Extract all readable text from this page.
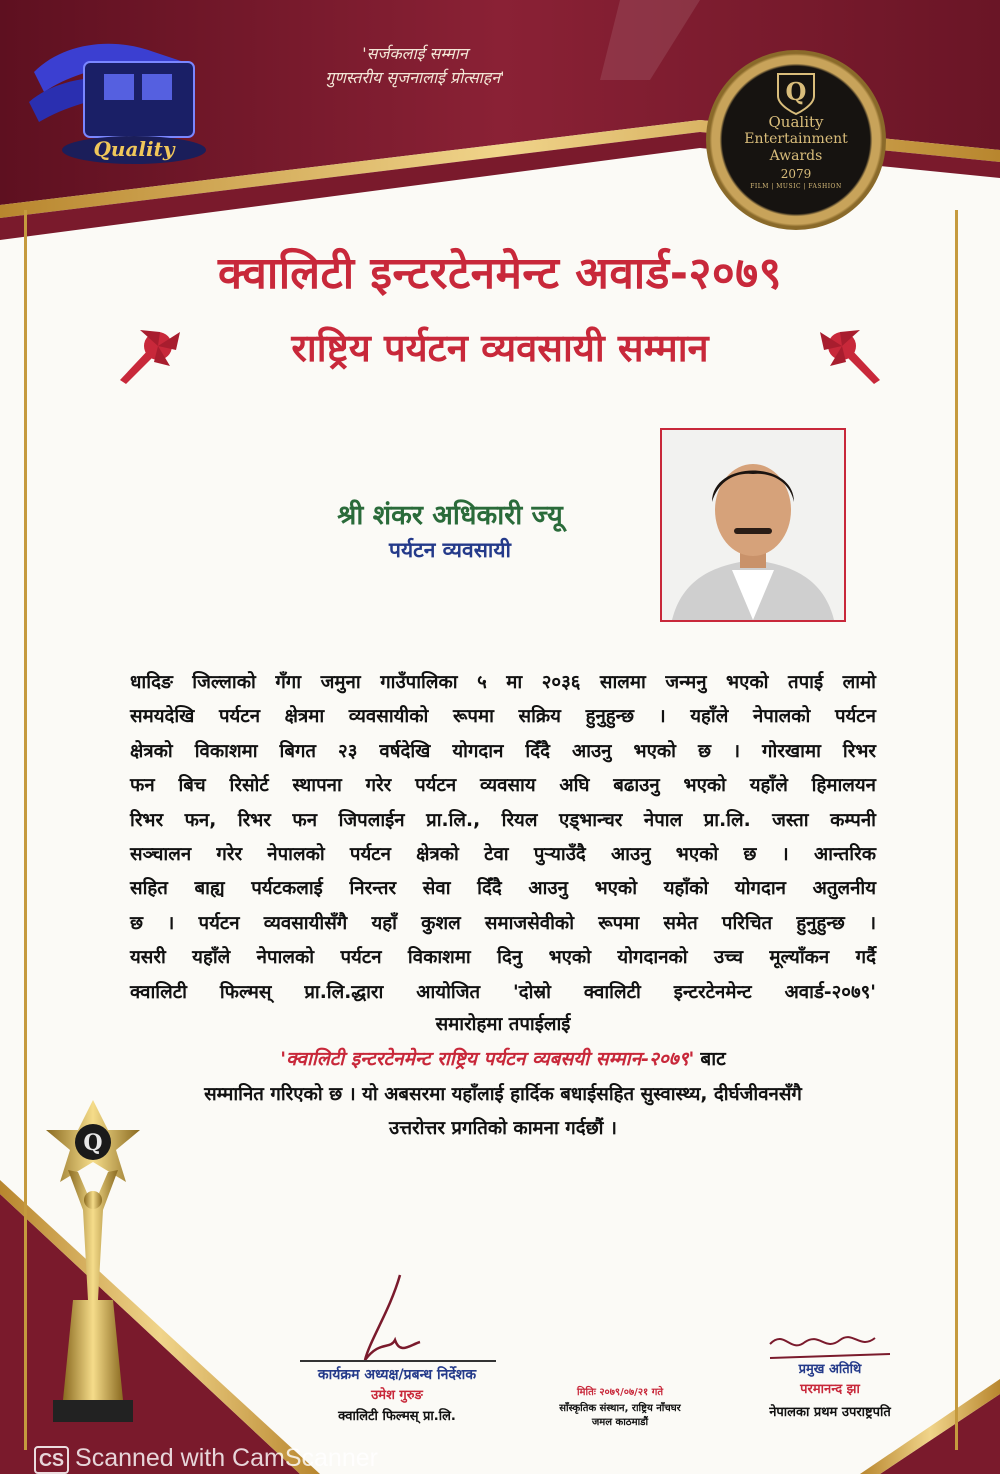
Quality
'सर्जकलाई सम्मान
गुणस्तरीय सृजनालाई प्रोत्साहन'	Q
Quality
Entertainment
Awards
2079
FILM | MUSIC | FASHION
क्वालिटी इन्टरटेनमेन्ट अवार्ड-२०७९
राष्ट्रिय पर्यटन व्यवसायी सम्मान
श्री शंकर अधिकारी ज्यू
पर्यटन व्यवसायी
धादिङ जिल्लाको गँगा जमुना गाउँपालिका ५ मा २०३६ सालमा जन्मनु भएको तपाई लामो
समयदेखि पर्यटन क्षेत्रमा व्यवसायीको रूपमा सक्रिय हुनुहुन्छ । यहाँले नेपालको पर्यटन
क्षेत्रको विकाशमा बिगत २३ वर्षदेखि योगदान दिँदै आउनु भएको छ । गोरखामा रिभर
फन बिच रिसोर्ट स्थापना गरेर पर्यटन व्यवसाय अघि बढाउनु भएको यहाँले हिमालयन
रिभर फन, रिभर फन जिपलाईन प्रा.लि., रियल एड्भान्चर नेपाल प्रा.लि. जस्ता कम्पनी
सञ्चालन गरेर नेपालको पर्यटन क्षेत्रको टेवा पुर्‍याउँदै आउनु भएको छ । आन्तरिक
सहित बाह्य पर्यटकलाई निरन्तर सेवा दिँदै आउनु भएको यहाँको योगदान अतुलनीय
छ । पर्यटन व्यवसायीसँगै यहाँ कुशल समाजसेवीको रूपमा समेत परिचित हुनुहुन्छ ।
यसरी यहाँले नेपालको पर्यटन विकाशमा दिनु भएको योगदानको उच्च मूल्याँकन गर्दै
क्वालिटी फिल्मस् प्रा.लि.द्धारा आयोजित 'दोस्रो क्वालिटी इन्टरटेनमेन्ट अवार्ड-२०७९'
समारोहमा तपाईलाई
'क्वालिटी इन्टरटेनमेन्ट राष्ट्रिय पर्यटन व्यबसयी सम्मान-२०७९' बाट
सम्मानित गरिएको छ । यो अबसरमा यहाँलाई हार्दिक बधाईसहित सुस्वास्थ्य, दीर्घजीवनसँगै
उत्तरोत्तर प्रगतिको कामना गर्दछौं ।
Q
कार्यक्रम अध्यक्ष/प्रबन्ध निर्देशक
उमेश गुरुङ
क्वालिटी फिल्मस् प्रा.लि.
मितिः २०७९/०७/२१ गते
साँस्कृतिक संस्थान, राष्ट्रिय नाँचघर
जमल काठमाडौं
प्रमुख अतिथि
परमानन्द झा
नेपालका प्रथम उपराष्ट्रपति
CS Scanned with CamScanner
